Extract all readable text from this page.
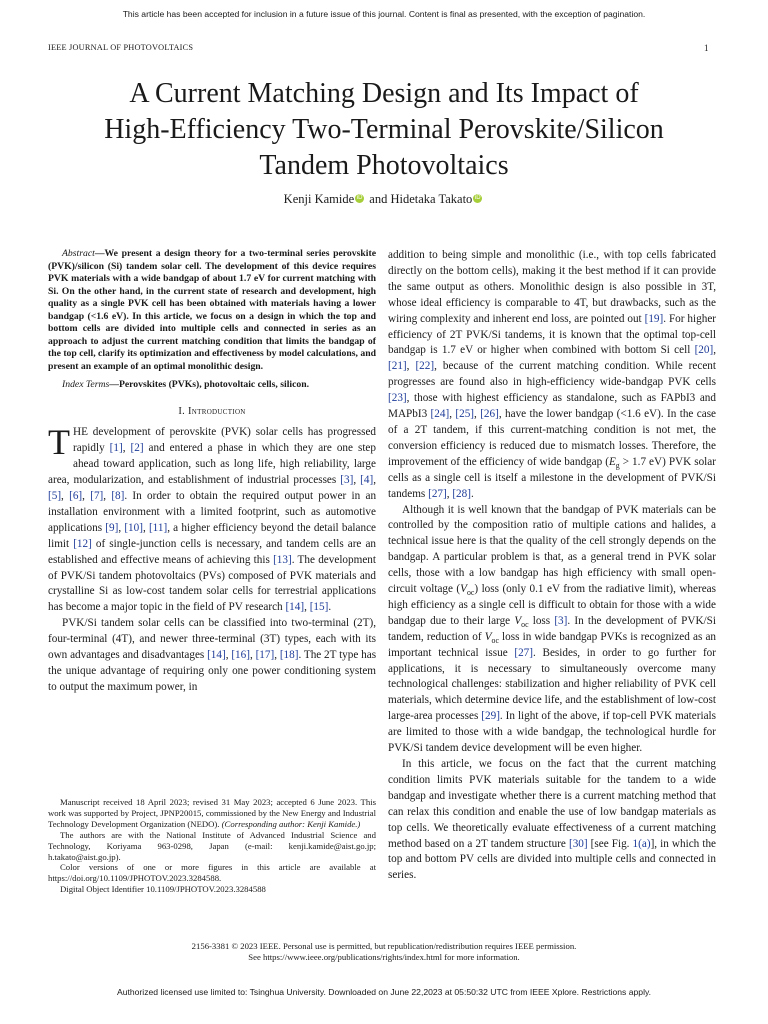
This article has been accepted for inclusion in a future issue of this journal. Content is final as presented, with the exception of pagination.
IEEE JOURNAL OF PHOTOVOLTAICS	1
A Current Matching Design and Its Impact of
High-Efficiency Two-Terminal Perovskite/Silicon
Tandem Photovoltaics
Kenji Kamide iD and Hidetaka Takato iD

Abstract—We present a design theory for a two-terminal series perovskite (PVK)/silicon (Si) tandem solar cell. The development of this device requires PVK materials with a wide bandgap of about 1.7 eV for current matching with Si. On the other hand, in the current state of research and development, high quality as a single PVK cell has been obtained with materials having a lower bandgap (<1.6 eV). In this article, we focus on a design in which the top and bottom cells are divided into multiple cells and connected in series as an approach to adjust the current matching condition that limits the bandgap of the top cell, clarify its optimization and effectiveness by model calculations, and present an example of an optimal monolithic design.

Index Terms—Perovskites (PVKs), photovoltaic cells, silicon.

I. Introduction

THE development of perovskite (PVK) solar cells has progressed rapidly [1], [2] and entered a phase in which they are one step ahead toward application, such as long life, high reliability, large area, modularization, and establishment of industrial processes [3], [4], [5], [6], [7], [8]. In order to obtain the required output power in an installation environment with a limited footprint, such as automotive applications [9], [10], [11], a higher efficiency beyond the detail balance limit [12] of single-junction cells is necessary, and tandem cells are an established and effective means of achieving this [13]. The development of PVK/Si tandem photovoltaics (PVs) composed of PVK materials and crystalline Si as low-cost tandem solar cells for terrestrial applications has become a major topic in the field of PV research [14], [15].

PVK/Si tandem solar cells can be classified into two-terminal (2T), four-terminal (4T), and newer three-terminal (3T) types, each with its own advantages and disadvantages [14], [16], [17], [18]. The 2T type has the unique advantage of requiring only one power conditioning system to output the maximum power, in

Manuscript received 18 April 2023; revised 31 May 2023; accepted 6 June 2023. This work was supported by Project, JPNP20015, commissioned by the New Energy and Industrial Technology Development Organization (NEDO). (Corresponding author: Kenji Kamide.)

The authors are with the National Institute of Advanced Industrial Science and Technology, Koriyama 963-0298, Japan (e-mail: kenji.kamide@aist.go.jp; h.takato@aist.go.jp).

Color versions of one or more figures in this article are available at https://doi.org/10.1109/JPHOTOV.2023.3284588.

Digital Object Identifier 10.1109/JPHOTOV.2023.3284588

addition to being simple and monolithic (i.e., with top cells fabricated directly on the bottom cells), making it the best method if it can provide the same output as others. Monolithic design is also possible in 3T, whose ideal efficiency is comparable to 4T, but drawbacks, such as the wiring complexity and inherent end loss, are pointed out [19]. For higher efficiency of 2T PVK/Si tandems, it is known that the optimal top-cell bandgap is 1.7 eV or higher when combined with bottom Si cell [20], [21], [22], because of the current matching condition. While recent progresses are found also in high-efficiency wide-bandgap PVK cells [23], those with highest efficiency as standalone, such as FAPbI3 and MAPbI3 [24], [25], [26], have the lower bandgap (<1.6 eV). In the case of a 2T tandem, if this current-matching condition is not met, the conversion efficiency is reduced due to mismatch losses. Therefore, the improvement of the efficiency of wide bandgap ($E_g > 1.7$ eV) PVK solar cells as a single cell is itself a milestone in the development of PVK/Si tandems [27], [28].

Although it is well known that the bandgap of PVK materials can be controlled by the composition ratio of multiple cations and halides, a technical issue here is that the quality of the cell strongly depends on the bandgap. A particular problem is that, as a general trend in PVK solar cells, those with a low bandgap has high efficiency with small open-circuit voltage $(V_{oc})$ loss (only 0.1 eV from the radiative limit), whereas high efficiency as a single cell is difficult to obtain for those with a wide bandgap due to their large $V_{oc}$ loss [3]. In the development of PVK/Si tandem, reduction of $V_{oc}$ loss in wide bandgap PVKs is recognized as an important technical issue [27]. Besides, in order to go further for applications, it is necessary to simultaneously overcome many technological challenges: stabilization and higher reliability of PVK cell materials, which determine device life, and the establishment of low-cost large-area processes [29]. In light of the above, if top-cell PVK materials are limited to those with a wide bandgap, the technological hurdle for PVK/Si tandem device development will be even higher.

In this article, we focus on the fact that the current matching condition limits PVK materials suitable for the tandem to a wide bandgap and investigate whether there is a current matching method that can relax this condition and enable the use of low bandgap materials as top cells. We theoretically evaluate effectiveness of a current matching method based on a 2T tandem structure [30] [see Fig. 1(a)], in which the top and bottom PV cells are divided into multiple cells and connected in series.

2156-3381 © 2023 IEEE. Personal use is permitted, but republication/redistribution requires IEEE permission.
See https://www.ieee.org/publications/rights/index.html for more information.
Authorized licensed use limited to: Tsinghua University. Downloaded on June 22,2023 at 05:50:32 UTC from IEEE Xplore. Restrictions apply.
